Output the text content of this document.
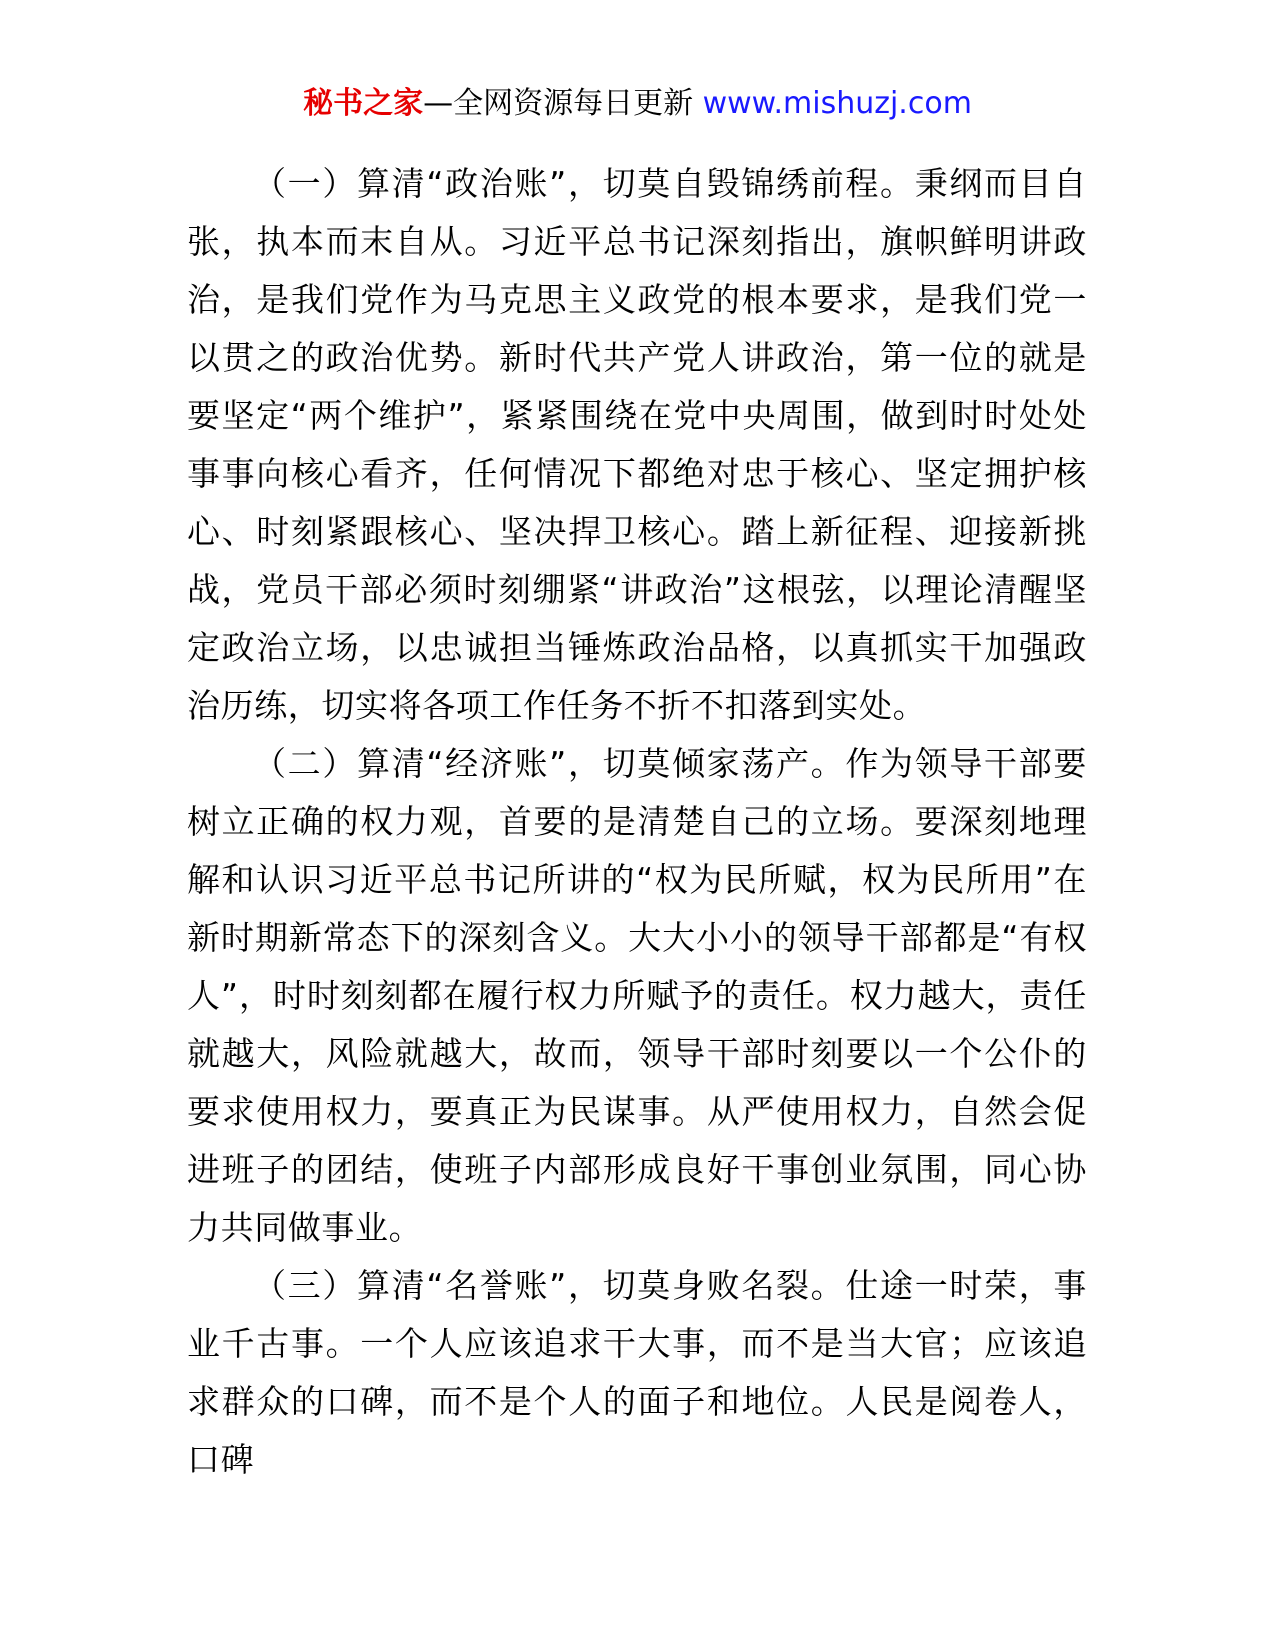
秘书之家—全网资源每日更新 www.mishuzj.com

（一）算清“政治账”，切莫自毁锦绣前程。秉纲而目自张，执本而末自从。习近平总书记深刻指出，旗帜鲜明讲政治，是我们党作为马克思主义政党的根本要求，是我们党一以贯之的政治优势。新时代共产党人讲政治，第一位的就是要坚定“两个维护”，紧紧围绕在党中央周围，做到时时处处事事向核心看齐，任何情况下都绝对忠于核心、坚定拥护核心、时刻紧跟核心、坚决捍卫核心。踏上新征程、迎接新挑战，党员干部必须时刻绷紧“讲政治”这根弦，以理论清醒坚定政治立场，以忠诚担当锤炼政治品格，以真抓实干加强政治历练，切实将各项工作任务不折不扣落到实处。

（二）算清“经济账”，切莫倾家荡产。作为领导干部要树立正确的权力观，首要的是清楚自己的立场。要深刻地理解和认识习近平总书记所讲的“权为民所赋，权为民所用”在新时期新常态下的深刻含义。大大小小的领导干部都是“有权人”，时时刻刻都在履行权力所赋予的责任。权力越大，责任就越大，风险就越大，故而，领导干部时刻要以一个公仆的要求使用权力，要真正为民谋事。从严使用权力，自然会促进班子的团结，使班子内部形成良好干事创业氛围，同心协力共同做事业。

（三）算清“名誉账”，切莫身败名裂。仕途一时荣，事业千古事。一个人应该追求干大事，而不是当大官；应该追求群众的口碑，而不是个人的面子和地位。人民是阅卷人，口碑
